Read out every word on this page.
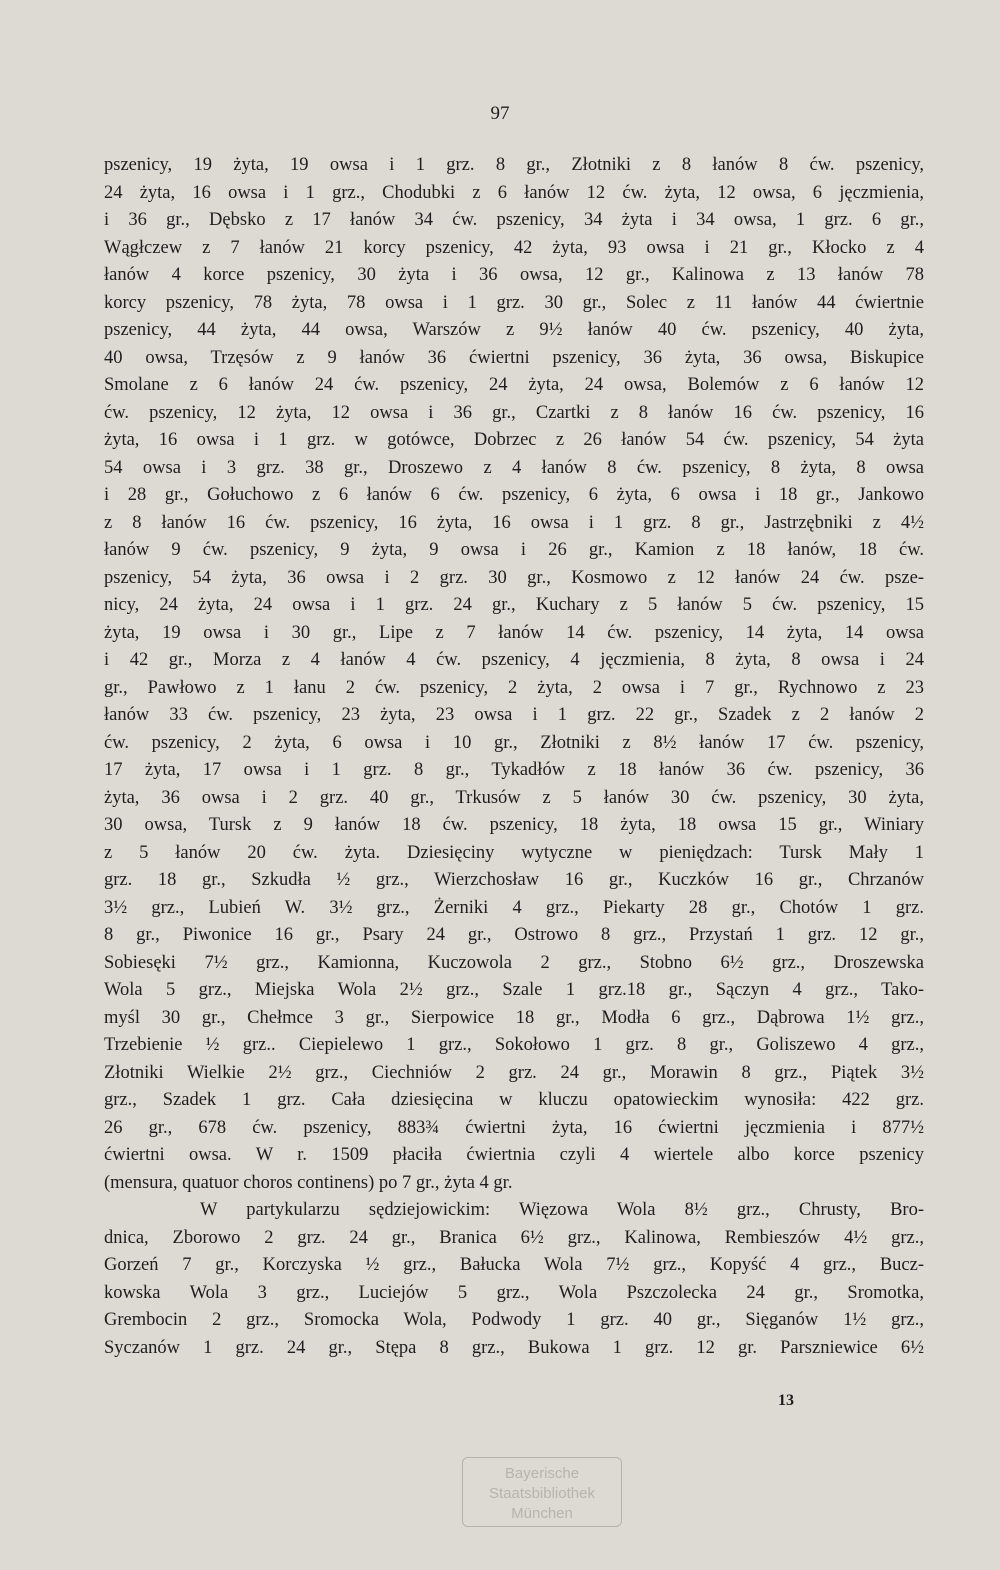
97
pszenicy, 19 żyta, 19 owsa i 1 grz. 8 gr., Złotniki z 8 łanów 8 ćw. pszenicy,
24 żyta, 16 owsa i 1 grz., Chodubki z 6 łanów 12 ćw. żyta, 12 owsa, 6 jęczmienia,
i 36 gr., Dębsko z 17 łanów 34 ćw. pszenicy, 34 żyta i 34 owsa, 1 grz. 6 gr.,
Wągłczew z 7 łanów 21 korcy pszenicy, 42 żyta, 93 owsa i 21 gr., Kłocko z 4
łanów 4 korce pszenicy, 30 żyta i 36 owsa, 12 gr., Kalinowa z 13 łanów 78
korcy pszenicy, 78 żyta, 78 owsa i 1 grz. 30 gr., Solec z 11 łanów 44 ćwiertnie
pszenicy, 44 żyta, 44 owsa, Warszów z 9½ łanów 40 ćw. pszenicy, 40 żyta,
40 owsa, Trzęsów z 9 łanów 36 ćwiertni pszenicy, 36 żyta, 36 owsa, Biskupice
Smolane z 6 łanów 24 ćw. pszenicy, 24 żyta, 24 owsa, Bolemów z 6 łanów 12
ćw. pszenicy, 12 żyta, 12 owsa i 36 gr., Czartki z 8 łanów 16 ćw. pszenicy, 16
żyta, 16 owsa i 1 grz. w gotówce, Dobrzec z 26 łanów 54 ćw. pszenicy, 54 żyta
54 owsa i 3 grz. 38 gr., Droszewo z 4 łanów 8 ćw. pszenicy, 8 żyta, 8 owsa
i 28 gr., Gołuchowo z 6 łanów 6 ćw. pszenicy, 6 żyta, 6 owsa i 18 gr., Jankowo
z 8 łanów 16 ćw. pszenicy, 16 żyta, 16 owsa i 1 grz. 8 gr., Jastrzębniki z 4½
łanów 9 ćw. pszenicy, 9 żyta, 9 owsa i 26 gr., Kamion z 18 łanów, 18 ćw.
pszenicy, 54 żyta, 36 owsa i 2 grz. 30 gr., Kosmowo z 12 łanów 24 ćw. psze-
nicy, 24 żyta, 24 owsa i 1 grz. 24 gr., Kuchary z 5 łanów 5 ćw. pszenicy, 15
żyta, 19 owsa i 30 gr., Lipe z 7 łanów 14 ćw. pszenicy, 14 żyta, 14 owsa
i 42 gr., Morza z 4 łanów 4 ćw. pszenicy, 4 jęczmienia, 8 żyta, 8 owsa i 24
gr., Pawłowo z 1 łanu 2 ćw. pszenicy, 2 żyta, 2 owsa i 7 gr., Rychnowo z 23
łanów 33 ćw. pszenicy, 23 żyta, 23 owsa i 1 grz. 22 gr., Szadek z 2 łanów 2
ćw. pszenicy, 2 żyta, 6 owsa i 10 gr., Złotniki z 8½ łanów 17 ćw. pszenicy,
17 żyta, 17 owsa i 1 grz. 8 gr., Tykadłów z 18 łanów 36 ćw. pszenicy, 36
żyta, 36 owsa i 2 grz. 40 gr., Trkusów z 5 łanów 30 ćw. pszenicy, 30 żyta,
30 owsa, Tursk z 9 łanów 18 ćw. pszenicy, 18 żyta, 18 owsa 15 gr., Winiary
z 5 łanów 20 ćw. żyta. Dziesięciny wytyczne w pieniędzach: Tursk Mały 1
grz. 18 gr., Szkudła ½ grz., Wierzchosław 16 gr., Kuczków 16 gr., Chrzanów
3½ grz., Lubień W. 3½ grz., Żerniki 4 grz., Piekarty 28 gr., Chotów 1 grz.
8 gr., Piwonice 16 gr., Psary 24 gr., Ostrowo 8 grz., Przystań 1 grz. 12 gr.,
Sobiesęki 7½ grz., Kamionna, Kuczowola 2 grz., Stobno 6½ grz., Droszewska
Wola 5 grz., Miejska Wola 2½ grz., Szale 1 grz.18 gr., Sączyn 4 grz., Tako-
myśl 30 gr., Chełmce 3 gr., Sierpowice 18 gr., Modła 6 grz., Dąbrowa 1½ grz.,
Trzebienie ½ grz.. Ciepielewo 1 grz., Sokołowo 1 grz. 8 gr., Goliszewo 4 grz.,
Złotniki Wielkie 2½ grz., Ciechniów 2 grz. 24 gr., Morawin 8 grz., Piątek 3½
grz., Szadek 1 grz. Cała dziesięcina w kluczu opatowieckim wynosiła: 422 grz.
26 gr., 678 ćw. pszenicy, 883¾ ćwiertni żyta, 16 ćwiertni jęczmienia i 877½
ćwiertni owsa. W r. 1509 płaciła ćwiertnia czyli 4 wiertele albo korce pszenicy
(mensura, quatuor choros continens) po 7 gr., żyta 4 gr.
W partykularzu sędziejowickim: Więzowa Wola 8½ grz., Chrusty, Bro-
dnica, Zborowo 2 grz. 24 gr., Branica 6½ grz., Kalinowa, Rembieszów 4½ grz.,
Gorzeń 7 gr., Korczyska ½ grz., Bałucka Wola 7½ grz., Kopyść 4 grz., Bucz-
kowska Wola 3 grz., Luciejów 5 grz., Wola Pszczolecka 24 gr., Sromotka,
Grembocin 2 grz., Sromocka Wola, Podwody 1 grz. 40 gr., Sięganów 1½ grz.,
Syczanów 1 grz. 24 gr., Stępa 8 grz., Bukowa 1 grz. 12 gr. Parszniewice 6½
13
Bayerische
Staatsbibliothek
München
